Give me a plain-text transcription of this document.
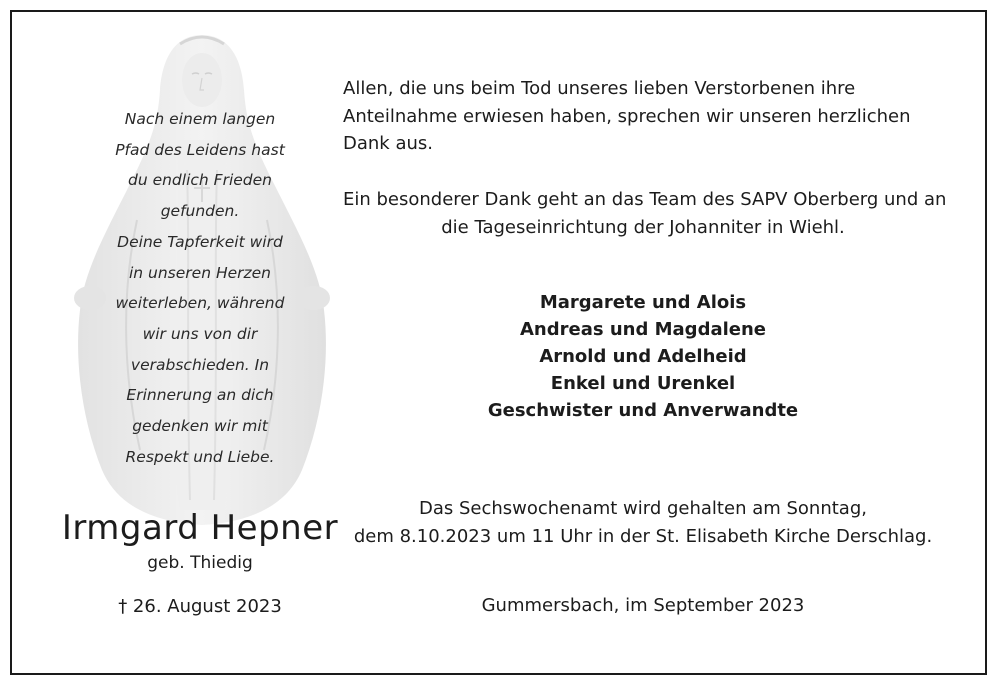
Nach einem langen
Pfad des Leidens hast
du endlich Frieden
gefunden.
Deine Tapferkeit wird
in unseren Herzen
weiterleben, während
wir uns von dir
verabschieden. In
Erinnerung an dich
gedenken wir mit
Respekt und Liebe.
Irmgard Hepner
geb. Thiedig
† 26. August 2023
Allen, die uns beim Tod unseres lieben Verstorbenen ihre
Anteilnahme erwiesen haben, sprechen wir unseren herzlichen
Dank aus.
Ein besonderer Dank geht an das Team des SAPV Oberberg und an
die Tageseinrichtung der Johanniter in Wiehl.
Margarete und Alois
Andreas und Magdalene
Arnold und Adelheid
Enkel und Urenkel
Geschwister und Anverwandte
Das Sechswochenamt wird gehalten am Sonntag,
dem 8.10.2023 um 11 Uhr in der St. Elisabeth Kirche Derschlag.
Gummersbach, im September 2023
